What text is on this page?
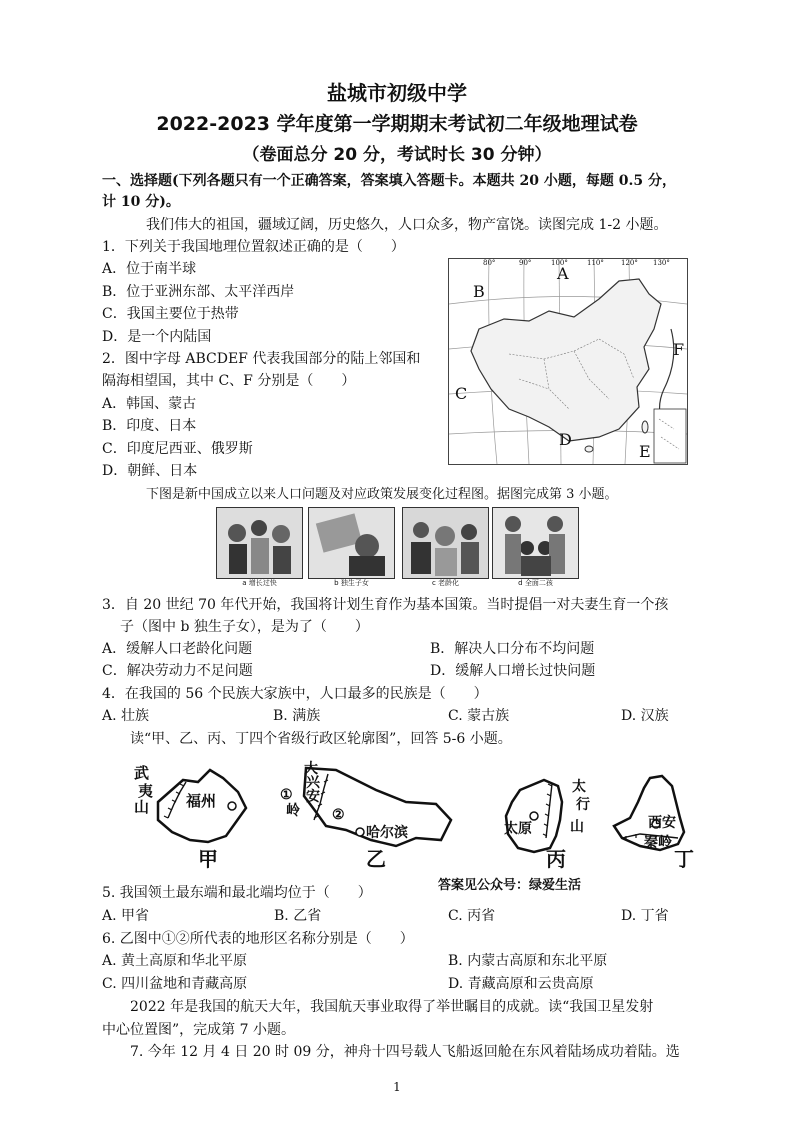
盐城市初级中学
2022-2023 学年度第一学期期末考试初二年级地理试卷
（卷面总分 20 分，考试时长 30 分钟）
一、选择题(下列各题只有一个正确答案，答案填入答题卡。本题共 20 小题，每题 0.5 分，
计 10 分)。
我们伟大的祖国，疆域辽阔，历史悠久，人口众多，物产富饶。读图完成 1-2 小题。
1．下列关于我国地理位置叙述正确的是（　　）
A．位于南半球
B．位于亚洲东部、太平洋西岸
C．我国主要位于热带
D．是一个内陆国
2．图中字母 ABCDEF 代表我国部分的陆上邻国和
隔海相望国，其中 C、F 分别是（　　）
A．韩国、蒙古
B．印度、日本
C．印度尼西亚、俄罗斯
D．朝鲜、日本
A
B
C
D
E
F
80°	90°	100°	110° 120° 130°
下图是新中国成立以来人口问题及对应政策发展变化过程图。据图完成第 3 小题。
a 增长过快	b 独生子女	c 老龄化	d 全面二孩
3．自 20 世纪 70 年代开始，我国将计划生育作为基本国策。当时提倡一对夫妻生育一个孩
子（图中 b 独生子女），是为了（　　）
A．缓解人口老龄化问题	B．解决人口分布不均问题
C．解决劳动力不足问题	D．缓解人口增长过快问题
4．在我国的 56 个民族大家族中，人口最多的民族是（　　）
A. 壮族	B. 满族	C. 蒙古族	D. 汉族
读“甲、乙、丙、丁四个省级行政区轮廓图”，回答 5-6 小题。
武
夷
山 福州
甲
大
兴
安
岭
①
②
哈尔滨
乙
太
行
山
太原
丙
西安
秦岭
丁
答案见公众号：绿爱生活
5. 我国领土最东端和最北端均位于（　　）
A. 甲省	B. 乙省	C. 丙省	D. 丁省
6. 乙图中①②所代表的地形区名称分别是（　　）
A. 黄土高原和华北平原	B. 内蒙古高原和东北平原
C. 四川盆地和青藏高原	D. 青藏高原和云贵高原
2022 年是我国的航天大年，我国航天事业取得了举世瞩目的成就。读“我国卫星发射
中心位置图”，完成第 7 小题。
7. 今年 12 月 4 日 20 时 09 分，神舟十四号载人飞船返回舱在东风着陆场成功着陆。选
1
